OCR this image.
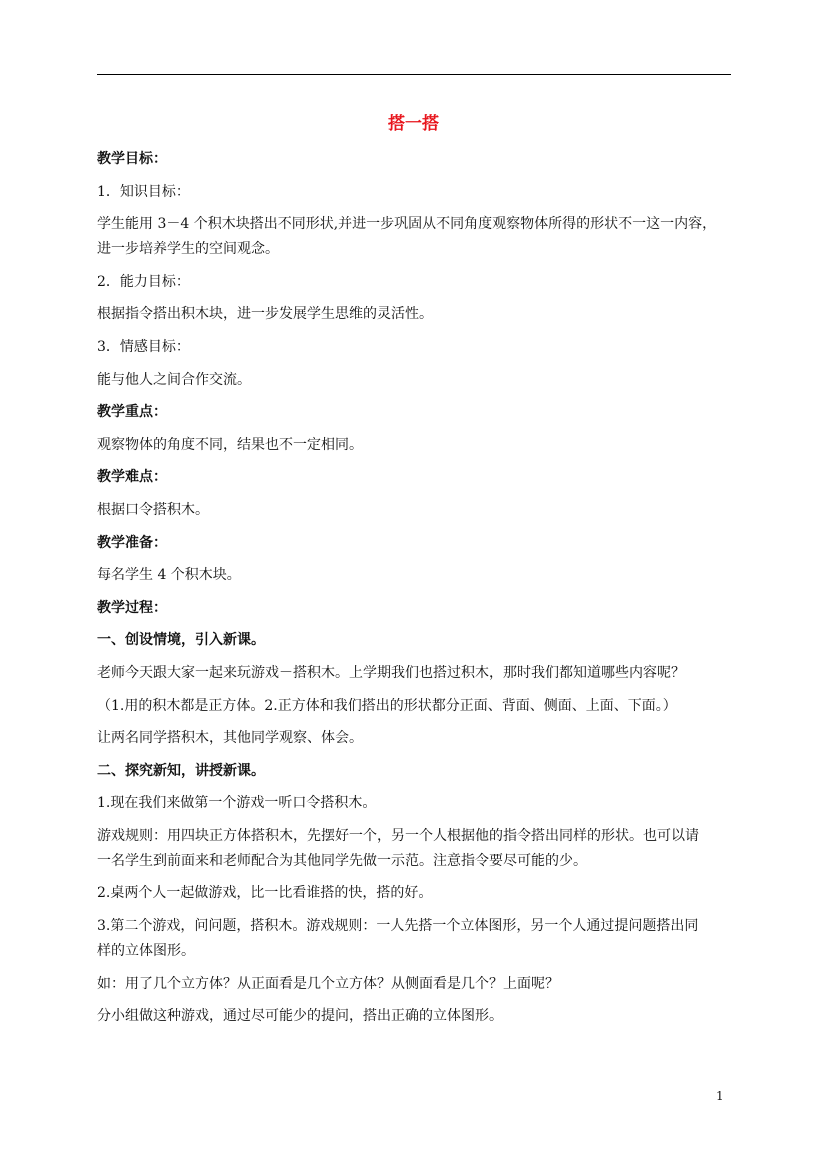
搭一搭
教学目标：
1．知识目标：
学生能用 3－4 个积木块搭出不同形状,并进一步巩固从不同角度观察物体所得的形状不一这一内容，
进一步培养学生的空间观念。
2．能力目标：
根据指令搭出积木块，进一步发展学生思维的灵活性。
3．情感目标：
能与他人之间合作交流。
教学重点：
观察物体的角度不同，结果也不一定相同。
教学难点：
根据口令搭积木。
教学准备：
每名学生 4 个积木块。
教学过程：
一、创设情境，引入新课。
老师今天跟大家一起来玩游戏－搭积木。上学期我们也搭过积木，那时我们都知道哪些内容呢？
（1.用的积木都是正方体。2.正方体和我们搭出的形状都分正面、背面、侧面、上面、下面。）
让两名同学搭积木，其他同学观察、体会。
二、探究新知，讲授新课。
1.现在我们来做第一个游戏一听口令搭积木。
游戏规则：用四块正方体搭积木，先摆好一个，另一个人根据他的指令搭出同样的形状。也可以请
一名学生到前面来和老师配合为其他同学先做一示范。注意指令要尽可能的少。
2.桌两个人一起做游戏，比一比看谁搭的快，搭的好。
3.第二个游戏，问问题，搭积木。游戏规则：一人先搭一个立体图形，另一个人通过提问题搭出同
样的立体图形。
如：用了几个立方体？从正面看是几个立方体？从侧面看是几个？上面呢？
分小组做这种游戏，通过尽可能少的提问，搭出正确的立体图形。
1
